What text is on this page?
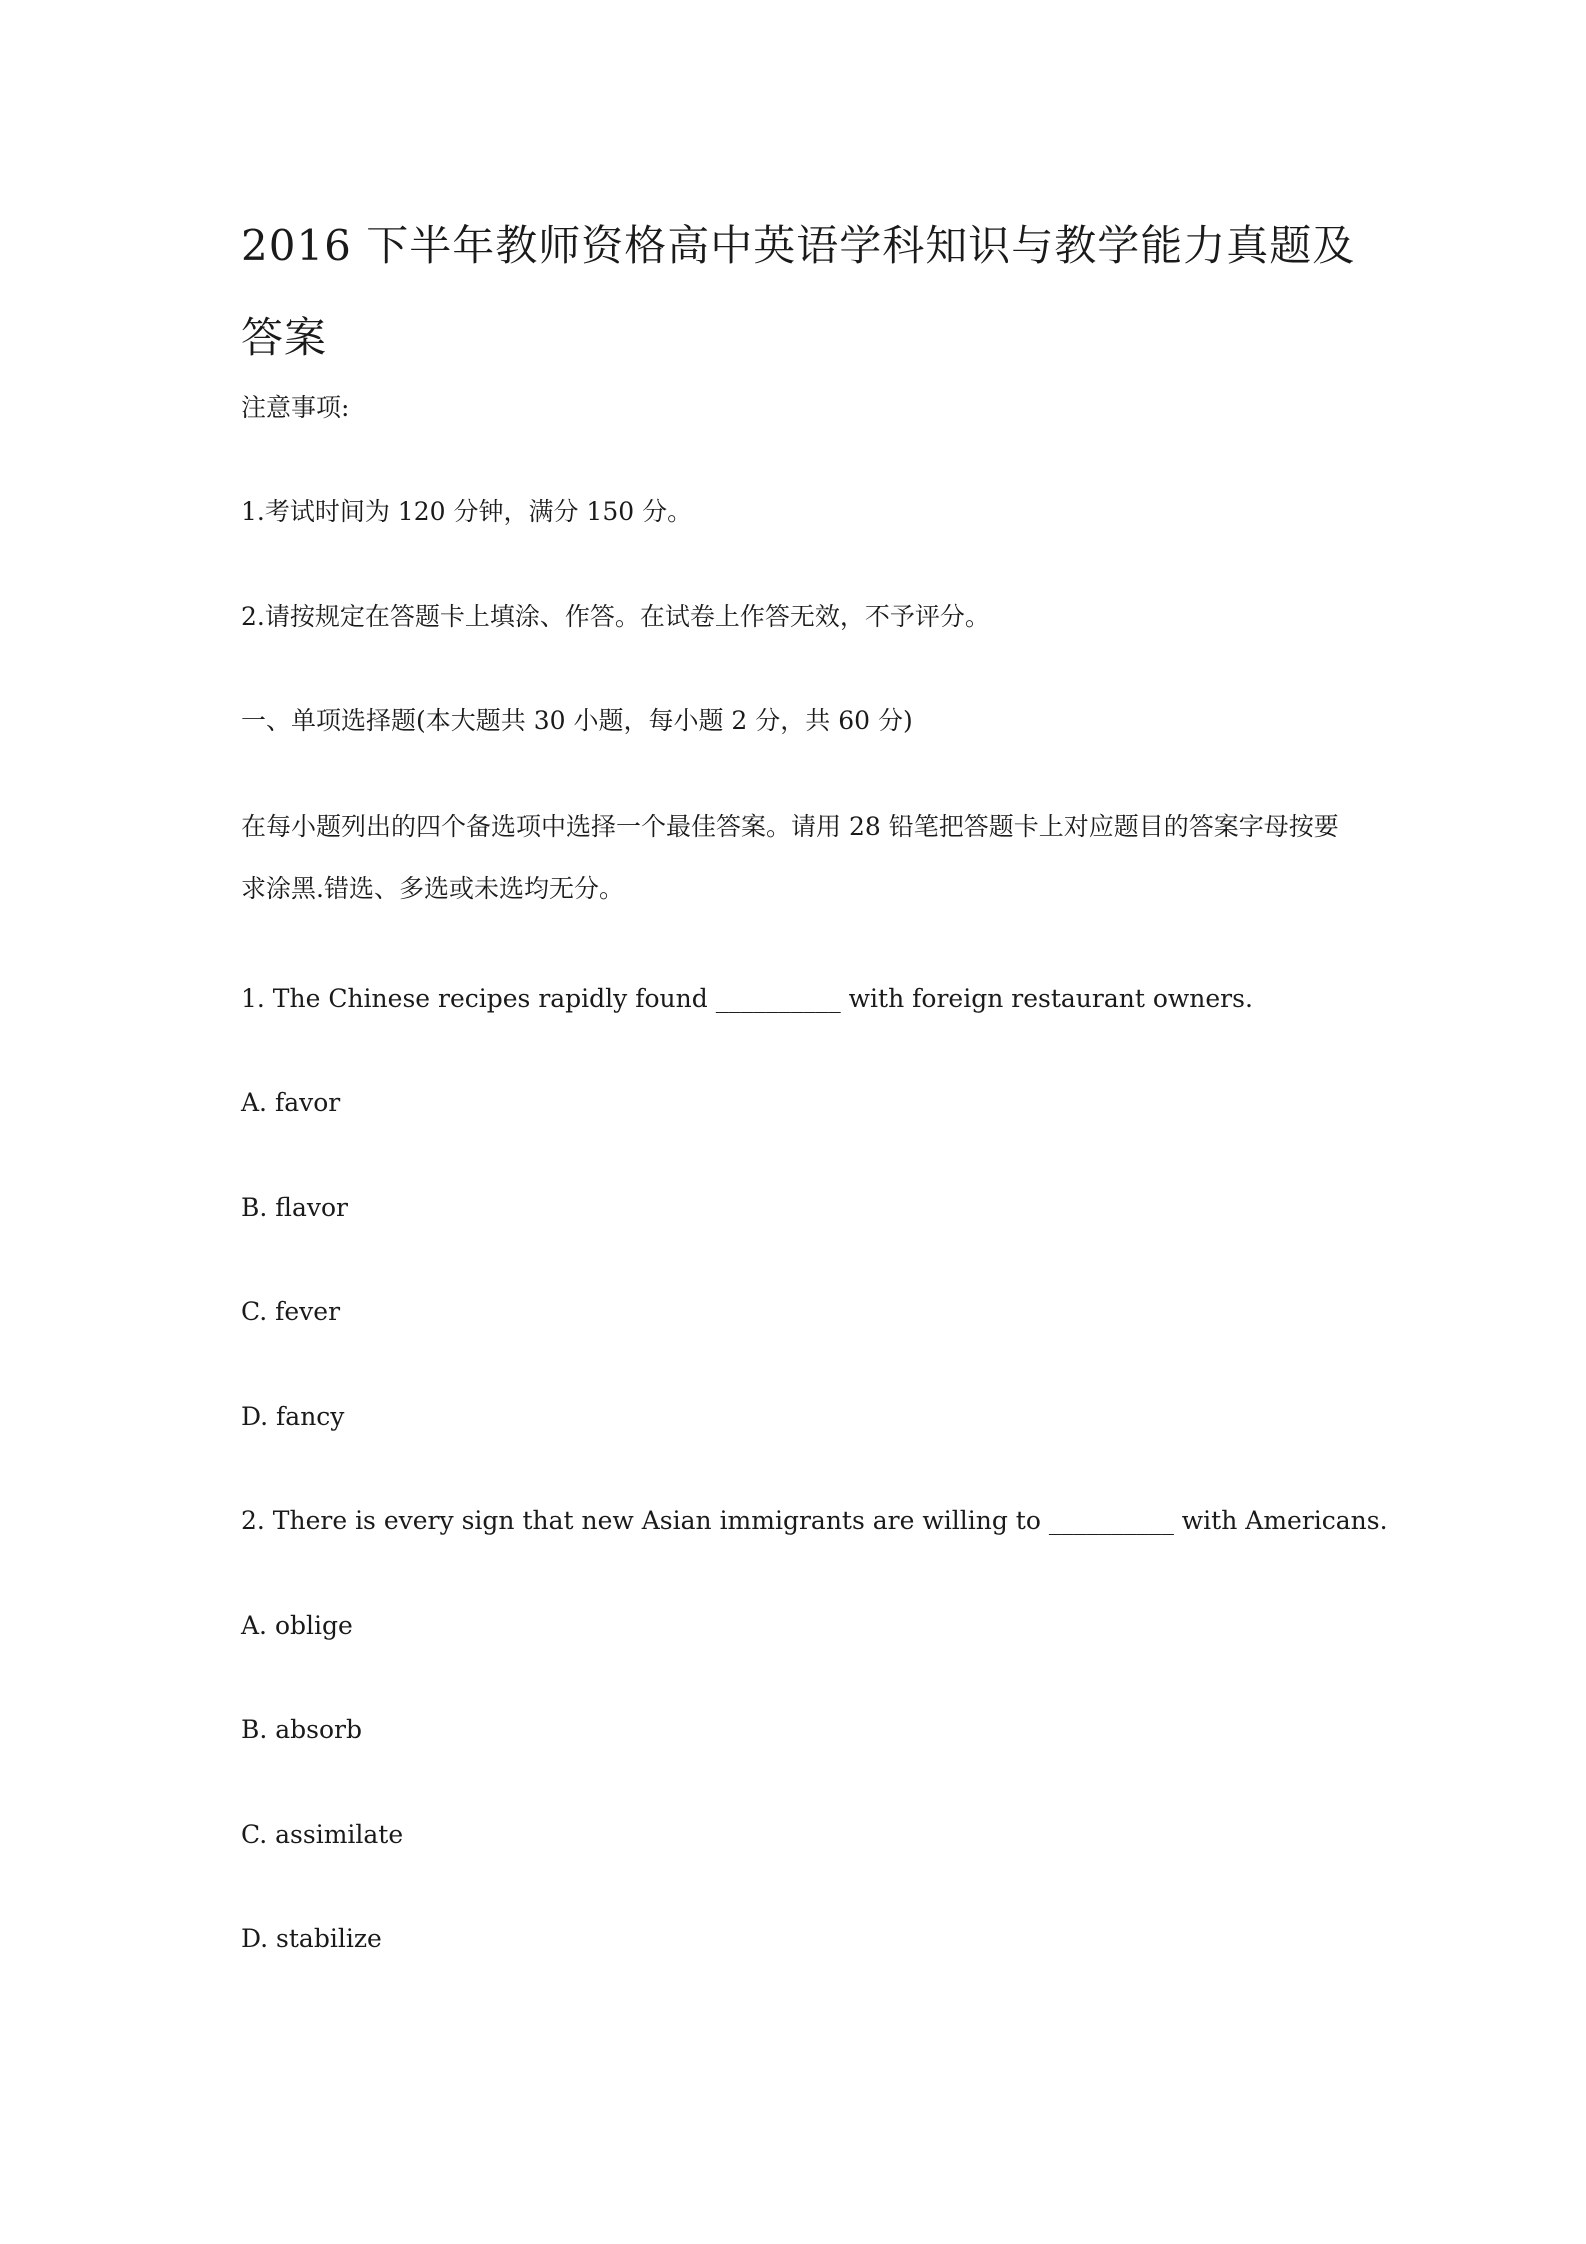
2016 下半年教师资格高中英语学科知识与教学能力真题及答案

注意事项:

1.考试时间为 120 分钟，满分 150 分。

2.请按规定在答题卡上填涂、作答。在试卷上作答无效，不予评分。

一、单项选择题(本大题共 30 小题，每小题 2 分，共 60 分)

在每小题列出的四个备选项中选择一个最佳答案。请用 28 铅笔把答题卡上对应题目的答案字母按要求涂黑.错选、多选或未选均无分。

1. The Chinese recipes rapidly found __________ with foreign restaurant owners.

A. favor

B. flavor

C. fever

D. fancy

2. There is every sign that new Asian immigrants are willing to __________ with Americans.

A. oblige

B. absorb

C. assimilate

D. stabilize
